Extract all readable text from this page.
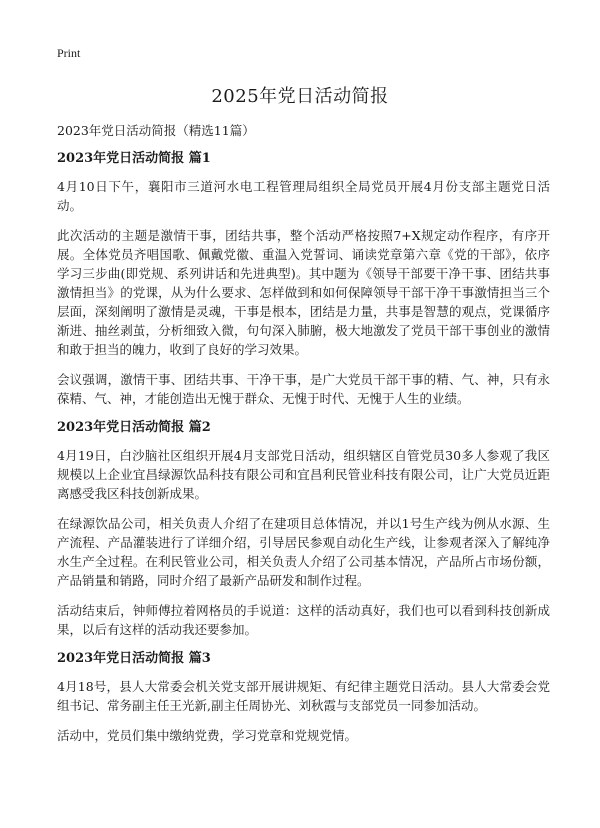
Print
2025年党日活动简报

2023年党日活动简报（精选11篇）

2023年党日活动简报 篇1

4月10日下午，襄阳市三道河水电工程管理局组织全局党员开展4月份支部主题党日活动。

此次活动的主题是激情干事，团结共事，整个活动严格按照7+X规定动作程序，有序开展。全体党员齐唱国歌、佩戴党徽、重温入党誓词、诵读党章第六章《党的干部》，依序学习三步曲(即党规、系列讲话和先进典型)。其中题为《领导干部要干净干事、团结共事激情担当》的党课，从为什么要求、怎样做到和如何保障领导干部干净干事激情担当三个层面，深刻阐明了激情是灵魂，干事是根本，团结是力量，共事是智慧的观点，党课循序渐进、抽丝剥茧，分析细致入微，句句深入肺腑，极大地激发了党员干部干事创业的激情和敢于担当的魄力，收到了良好的学习效果。

会议强调，激情干事、团结共事、干净干事，是广大党员干部干事的精、气、神，只有永葆精、气、神，才能创造出无愧于群众、无愧于时代、无愧于人生的业绩。

2023年党日活动简报 篇2

4月19日，白沙脑社区组织开展4月支部党日活动，组织辖区自管党员30多人参观了我区规模以上企业宜昌绿源饮品科技有限公司和宜昌利民管业科技有限公司，让广大党员近距离感受我区科技创新成果。

在绿源饮品公司，相关负责人介绍了在建项目总体情况，并以1号生产线为例从水源、生产流程、产品灌装进行了详细介绍，引导居民参观自动化生产线，让参观者深入了解纯净水生产全过程。在利民管业公司，相关负责人介绍了公司基本情况，产品所占市场份额，产品销量和销路，同时介绍了最新产品研发和制作过程。

活动结束后，钟师傅拉着网格员的手说道：这样的活动真好，我们也可以看到科技创新成果，以后有这样的活动我还要参加。

2023年党日活动简报 篇3

4月18号，县人大常委会机关党支部开展讲规矩、有纪律主题党日活动。县人大常委会党组书记、常务副主任王光新,副主任周协光、刘秋霞与支部党员一同参加活动。

活动中，党员们集中缴纳党费，学习党章和党规党情。
